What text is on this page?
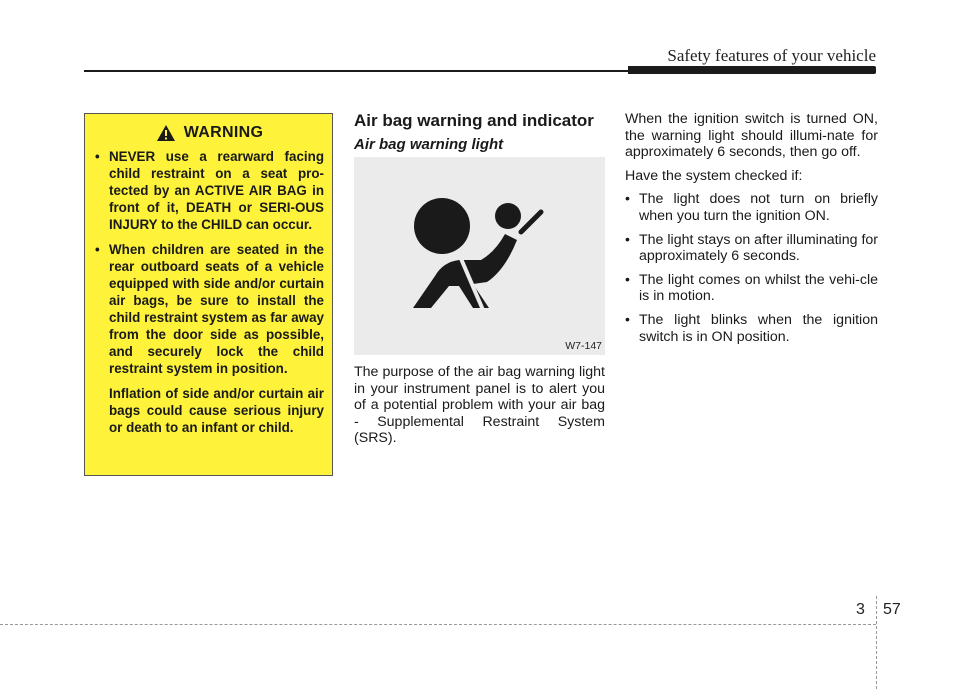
Safety features of your vehicle
WARNING
• NEVER use a rearward facing child restraint on a seat pro-tected by an ACTIVE AIR BAG in front of it, DEATH or SERI-OUS INJURY to the CHILD can occur.
• When children are seated in the rear outboard seats of a vehicle equipped with side and/or curtain air bags, be sure to install the child restraint system as far away from the door side as possible, and securely lock the child restraint system in position.
Inflation of side and/or curtain air bags could cause serious injury or death to an infant or child.
Air bag warning and indicator
Air bag warning light
W7-147
The purpose of the air bag warning light in your instrument panel is to alert you of a potential problem with your air bag - Supplemental Restraint System (SRS).

When the ignition switch is turned ON, the warning light should illumi-nate for approximately 6 seconds, then go off.

Have the system checked if:

• The light does not turn on briefly when you turn the ignition ON.
• The light stays on after illuminating for approximately 6 seconds.
• The light comes on whilst the vehi-cle is in motion.
• The light blinks when the ignition switch is in ON position.
3 57
